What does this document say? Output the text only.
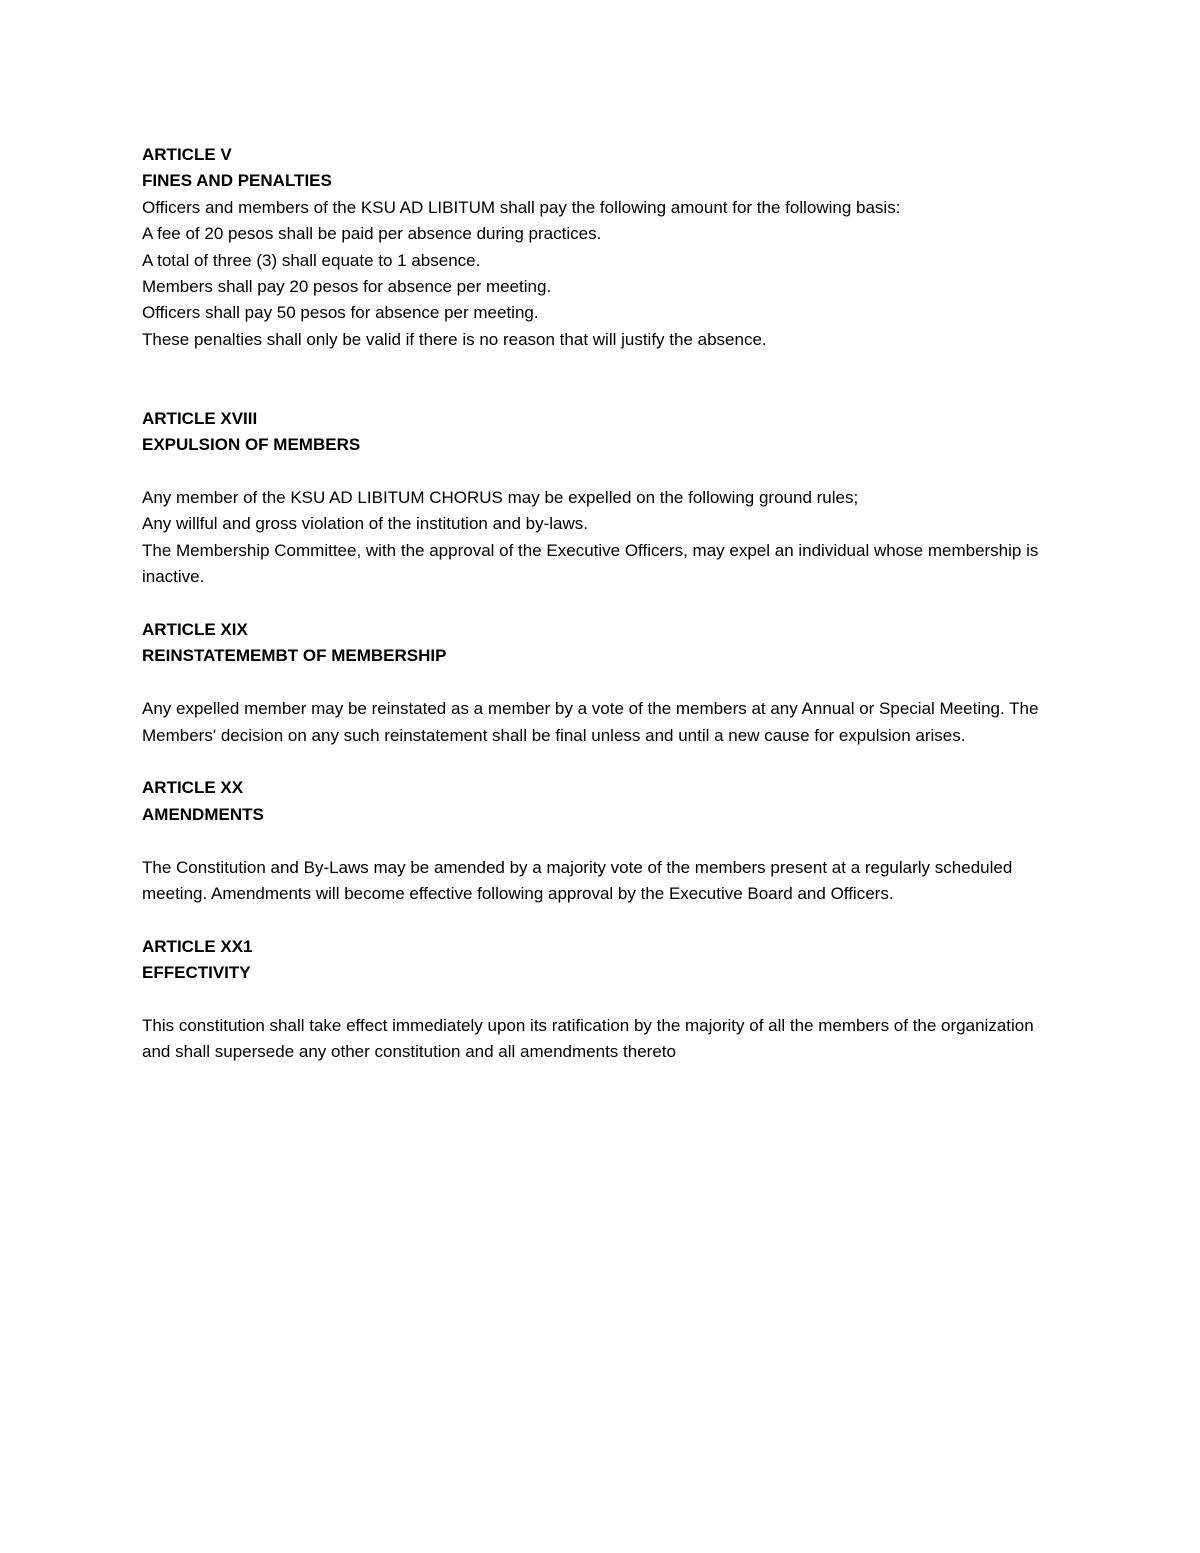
ARTICLE V
FINES AND PENALTIES
Officers and members of the KSU AD LIBITUM shall pay the following amount for the following basis:
A fee of 20 pesos shall be paid per absence during practices.
A total of three (3) shall equate to 1 absence.
Members shall pay 20 pesos for absence per meeting.
Officers shall pay 50 pesos for absence per meeting.
These penalties shall only be valid if there is no reason that will justify the absence.
ARTICLE XVIII
EXPULSION OF MEMBERS
Any member of the KSU AD LIBITUM CHORUS may be expelled on the following ground rules;
Any willful and gross violation of the institution and by-laws.
The Membership Committee, with the approval of the Executive Officers, may expel an individual whose membership is inactive.
ARTICLE XIX
REINSTATEMEMBT OF MEMBERSHIP
Any expelled member may be reinstated as a member by a vote of the members at any Annual or Special Meeting. The Members' decision on any such reinstatement shall be final unless and until a new cause for expulsion arises.
ARTICLE XX
AMENDMENTS
The Constitution and By-Laws may be amended by a majority vote of the members present at a regularly scheduled meeting. Amendments will become effective following approval by the Executive Board and Officers.
ARTICLE XX1
EFFECTIVITY
This constitution shall take effect immediately upon its ratification by the majority of all the members of the organization and shall supersede any other constitution and all amendments thereto
